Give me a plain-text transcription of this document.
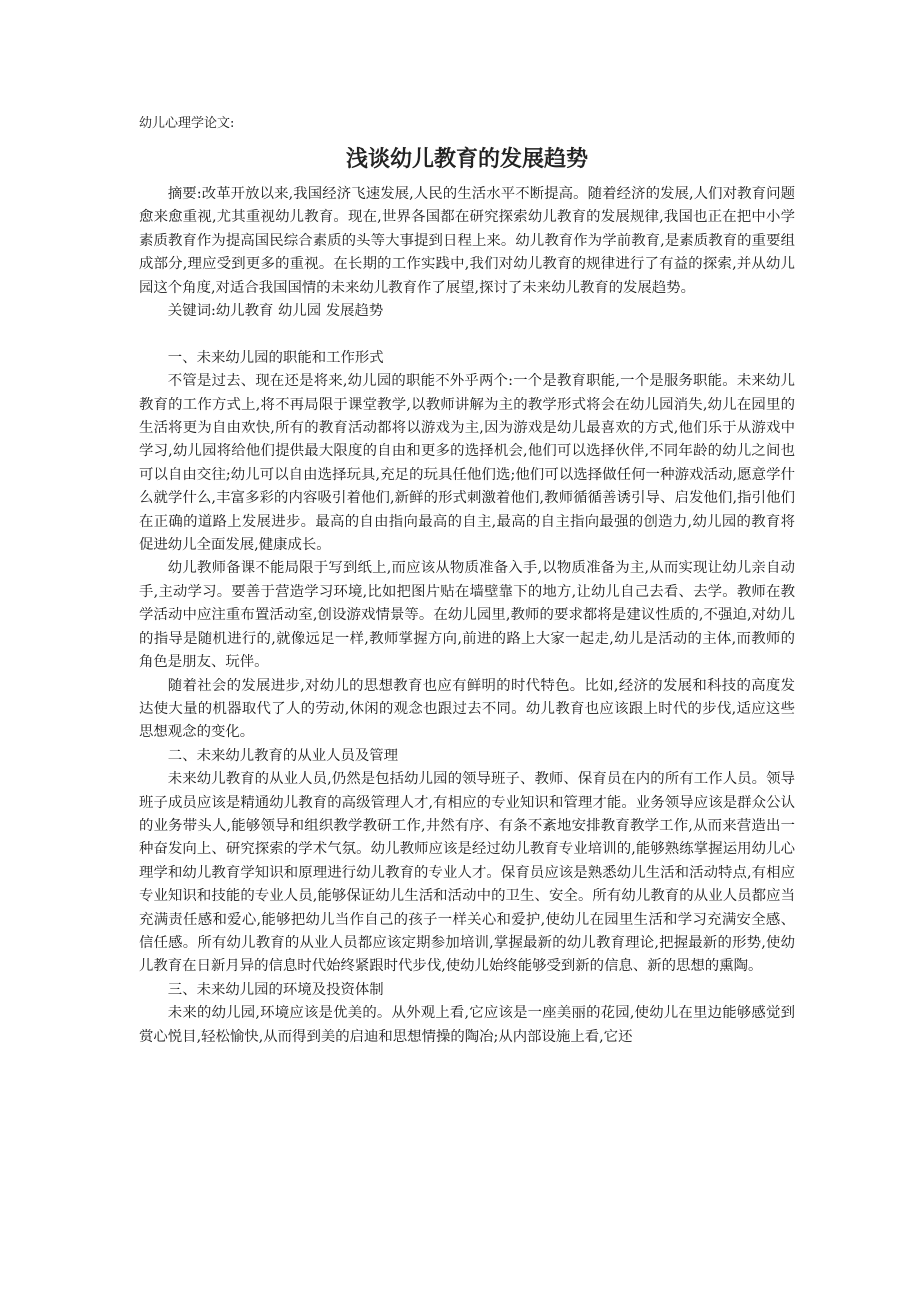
幼儿心理学论文:

浅谈幼儿教育的发展趋势

摘要:改革开放以来,我国经济飞速发展,人民的生活水平不断提高。随着经济的发展,人们对教育问题愈来愈重视,尤其重视幼儿教育。现在,世界各国都在研究探索幼儿教育的发展规律,我国也正在把中小学素质教育作为提高国民综合素质的头等大事提到日程上来。幼儿教育作为学前教育,是素质教育的重要组成部分,理应受到更多的重视。在长期的工作实践中,我们对幼儿教育的规律进行了有益的探索,并从幼儿园这个角度,对适合我国国情的未来幼儿教育作了展望,探讨了未来幼儿教育的发展趋势。

关键词:幼儿教育 幼儿园 发展趋势

一、未来幼儿园的职能和工作形式

不管是过去、现在还是将来,幼儿园的职能不外乎两个:一个是教育职能,一个是服务职能。未来幼儿教育的工作方式上,将不再局限于课堂教学,以教师讲解为主的教学形式将会在幼儿园消失,幼儿在园里的生活将更为自由欢快,所有的教育活动都将以游戏为主,因为游戏是幼儿最喜欢的方式,他们乐于从游戏中学习,幼儿园将给他们提供最大限度的自由和更多的选择机会,他们可以选择伙伴,不同年龄的幼儿之间也可以自由交往;幼儿可以自由选择玩具,充足的玩具任他们选;他们可以选择做任何一种游戏活动,愿意学什么就学什么,丰富多彩的内容吸引着他们,新鲜的形式刺激着他们,教师循循善诱引导、启发他们,指引他们在正确的道路上发展进步。最高的自由指向最高的自主,最高的自主指向最强的创造力,幼儿园的教育将促进幼儿全面发展,健康成长。

幼儿教师备课不能局限于写到纸上,而应该从物质准备入手,以物质准备为主,从而实现让幼儿亲自动手,主动学习。要善于营造学习环境,比如把图片贴在墙壁靠下的地方,让幼儿自己去看、去学。教师在教学活动中应注重布置活动室,创设游戏情景等。在幼儿园里,教师的要求都将是建议性质的,不强迫,对幼儿的指导是随机进行的,就像远足一样,教师掌握方向,前进的路上大家一起走,幼儿是活动的主体,而教师的角色是朋友、玩伴。

随着社会的发展进步,对幼儿的思想教育也应有鲜明的时代特色。比如,经济的发展和科技的高度发达使大量的机器取代了人的劳动,休闲的观念也跟过去不同。幼儿教育也应该跟上时代的步伐,适应这些思想观念的变化。

二、未来幼儿教育的从业人员及管理

未来幼儿教育的从业人员,仍然是包括幼儿园的领导班子、教师、保育员在内的所有工作人员。领导班子成员应该是精通幼儿教育的高级管理人才,有相应的专业知识和管理才能。业务领导应该是群众公认的业务带头人,能够领导和组织教学教研工作,井然有序、有条不紊地安排教育教学工作,从而来营造出一种奋发向上、研究探索的学术气氛。幼儿教师应该是经过幼儿教育专业培训的,能够熟练掌握运用幼儿心理学和幼儿教育学知识和原理进行幼儿教育的专业人才。保育员应该是熟悉幼儿生活和活动特点,有相应专业知识和技能的专业人员,能够保证幼儿生活和活动中的卫生、安全。所有幼儿教育的从业人员都应当充满责任感和爱心,能够把幼儿当作自己的孩子一样关心和爱护,使幼儿在园里生活和学习充满安全感、信任感。所有幼儿教育的从业人员都应该定期参加培训,掌握最新的幼儿教育理论,把握最新的形势,使幼儿教育在日新月异的信息时代始终紧跟时代步伐,使幼儿始终能够受到新的信息、新的思想的熏陶。

三、未来幼儿园的环境及投资体制

未来的幼儿园,环境应该是优美的。从外观上看,它应该是一座美丽的花园,使幼儿在里边能够感觉到赏心悦目,轻松愉快,从而得到美的启迪和思想情操的陶冶;从内部设施上看,它还
